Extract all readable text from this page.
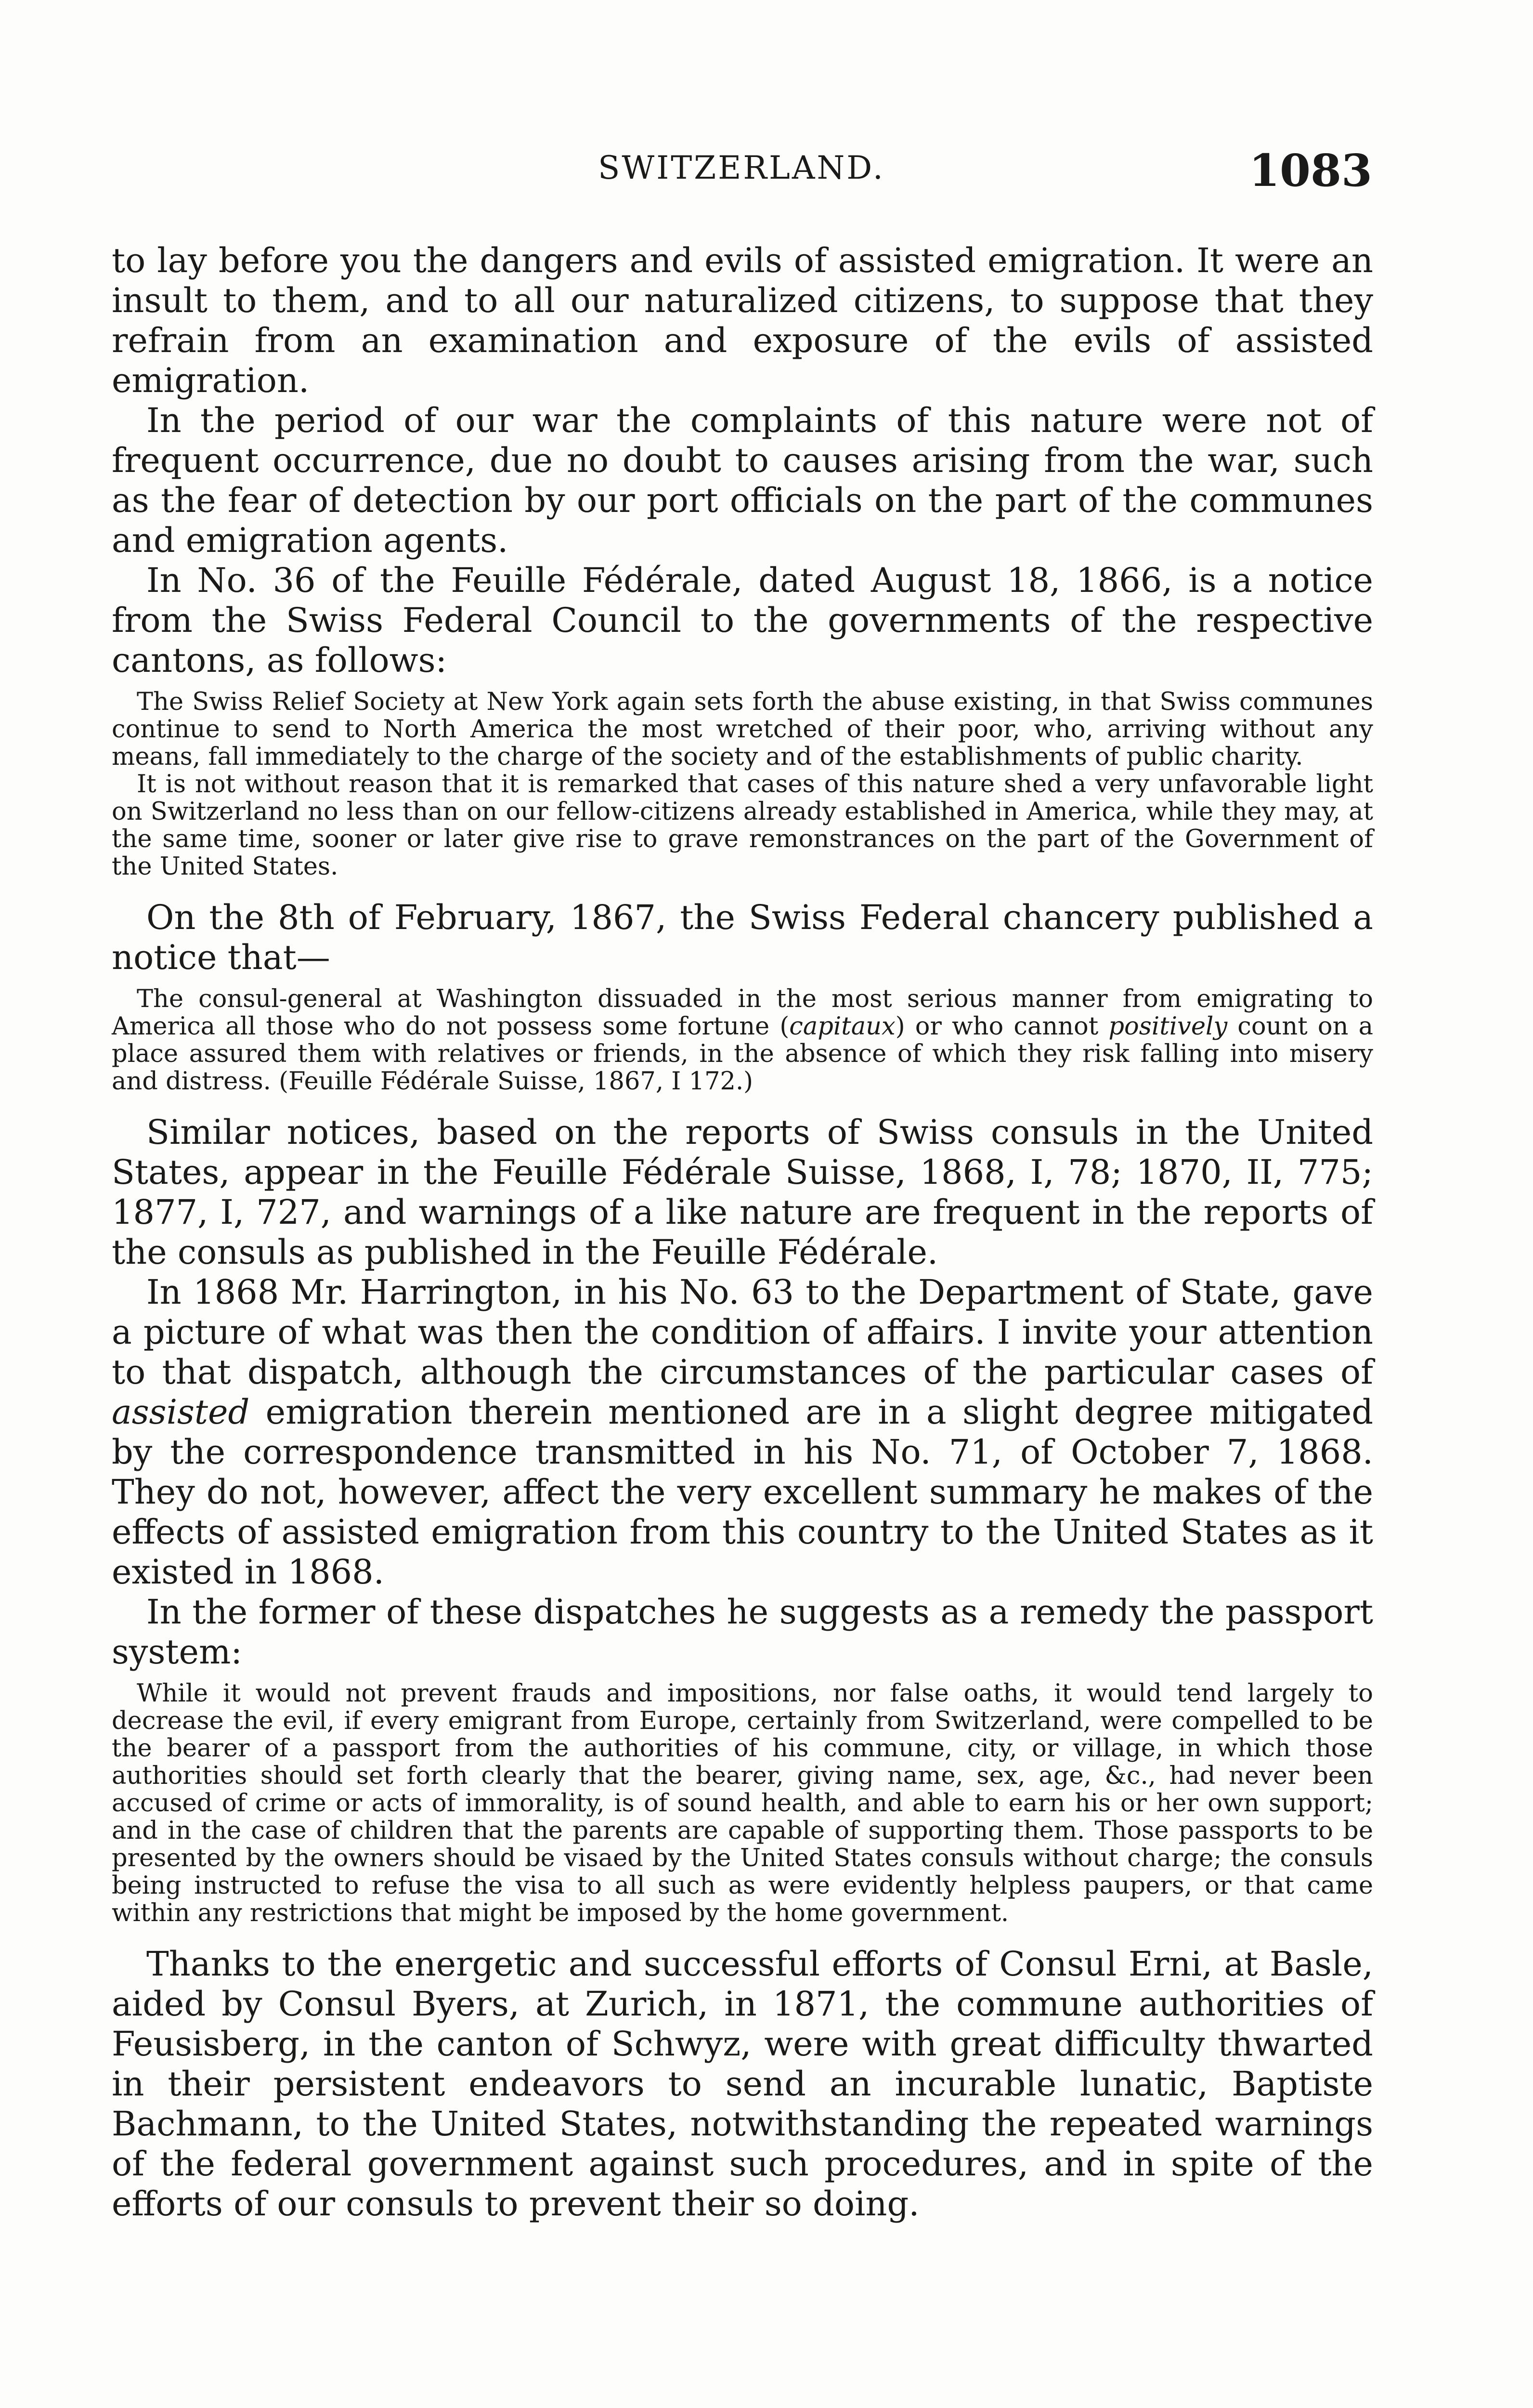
SWITZERLAND.	1083

to lay before you the dangers and evils of assisted emigration. It were an insult to them, and to all our naturalized citizens, to suppose that they refrain from an examination and exposure of the evils of assisted emigration.

In the period of our war the complaints of this nature were not of frequent occurrence, due no doubt to causes arising from the war, such as the fear of detection by our port officials on the part of the communes and emigration agents.

In No. 36 of the Feuille Fédérale, dated August 18, 1866, is a notice from the Swiss Federal Council to the governments of the respective cantons, as follows:

The Swiss Relief Society at New York again sets forth the abuse existing, in that Swiss communes continue to send to North America the most wretched of their poor, who, arriving without any means, fall immediately to the charge of the society and of the establishments of public charity.

It is not without reason that it is remarked that cases of this nature shed a very unfavorable light on Switzerland no less than on our fellow-citizens already established in America, while they may, at the same time, sooner or later give rise to grave remonstrances on the part of the Government of the United States.

On the 8th of February, 1867, the Swiss Federal chancery published a notice that—

The consul-general at Washington dissuaded in the most serious manner from emigrating to America all those who do not possess some fortune (capitaux) or who cannot positively count on a place assured them with relatives or friends, in the absence of which they risk falling into misery and distress. (Feuille Fédérale Suisse, 1867, I 172.)

Similar notices, based on the reports of Swiss consuls in the United States, appear in the Feuille Fédérale Suisse, 1868, I, 78; 1870, II, 775; 1877, I, 727, and warnings of a like nature are frequent in the reports of the consuls as published in the Feuille Fédérale.

In 1868 Mr. Harrington, in his No. 63 to the Department of State, gave a picture of what was then the condition of affairs. I invite your attention to that dispatch, although the circumstances of the particular cases of assisted emigration therein mentioned are in a slight degree mitigated by the correspondence transmitted in his No. 71, of October 7, 1868. They do not, however, affect the very excellent summary he makes of the effects of assisted emigration from this country to the United States as it existed in 1868.

In the former of these dispatches he suggests as a remedy the passport system:

While it would not prevent frauds and impositions, nor false oaths, it would tend largely to decrease the evil, if every emigrant from Europe, certainly from Switzerland, were compelled to be the bearer of a passport from the authorities of his commune, city, or village, in which those authorities should set forth clearly that the bearer, giving name, sex, age, &c., had never been accused of crime or acts of immorality, is of sound health, and able to earn his or her own support; and in the case of children that the parents are capable of supporting them. Those passports to be presented by the owners should be visaed by the United States consuls without charge; the consuls being instructed to refuse the visa to all such as were evidently helpless paupers, or that came within any restrictions that might be imposed by the home government.

Thanks to the energetic and successful efforts of Consul Erni, at Basle, aided by Consul Byers, at Zurich, in 1871, the commune authorities of Feusisberg, in the canton of Schwyz, were with great difficulty thwarted in their persistent endeavors to send an incurable lunatic, Baptiste Bachmann, to the United States, notwithstanding the repeated warnings of the federal government against such procedures, and in spite of the efforts of our consuls to prevent their so doing.
